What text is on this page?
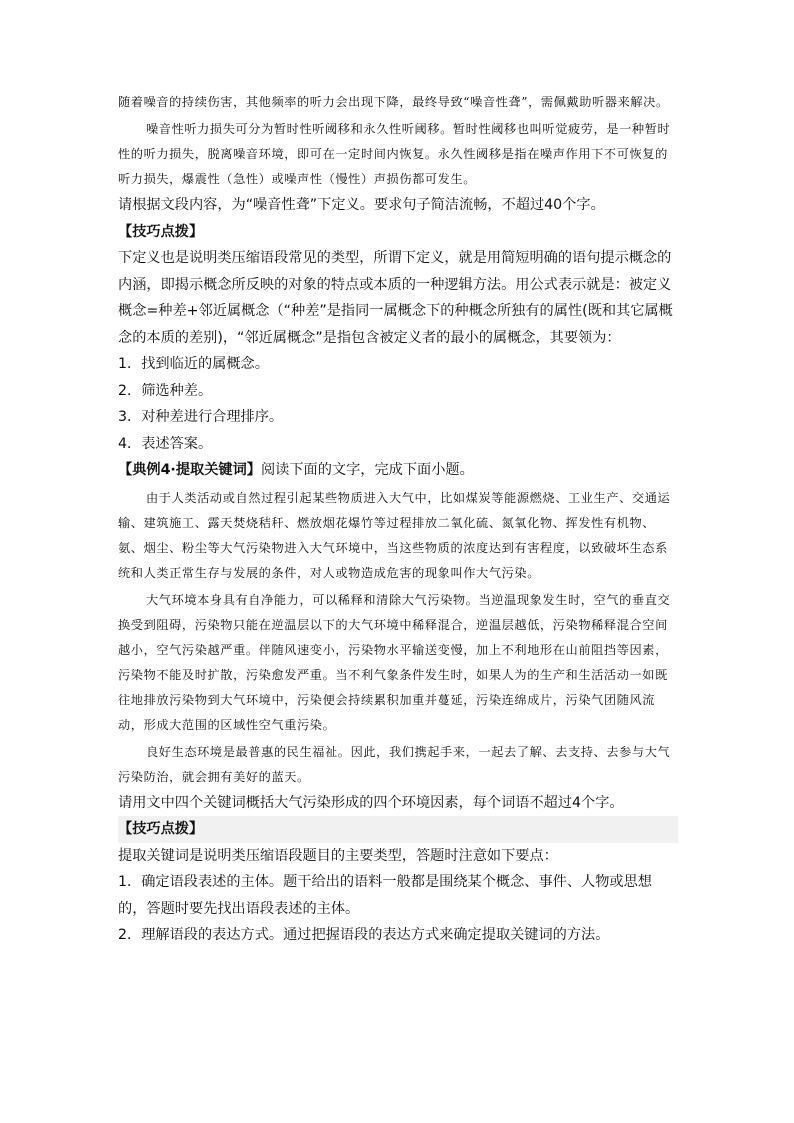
随着噪音的持续伤害，其他频率的听力会出现下降，最终导致“噪音性聋”，需佩戴助听器来解决。

噪音性听力损失可分为暂时性听阈移和永久性听阈移。暂时性阈移也叫听觉疲劳，是一种暂时性的听力损失，脱离噪音环境，即可在一定时间内恢复。永久性阈移是指在噪声作用下不可恢复的听力损失，爆震性（急性）或噪声性（慢性）声损伤都可发生。

请根据文段内容，为“噪音性聋”下定义。要求句子简洁流畅，不超过40个字。

【技巧点拨】

下定义也是说明类压缩语段常见的类型，所谓下定义，就是用简短明确的语句提示概念的内涵，即揭示概念所反映的对象的特点或本质的一种逻辑方法。用公式表示就是：被定义概念=种差+邻近属概念（“种差”是指同一属概念下的种概念所独有的属性(既和其它属概念的本质的差别)，“邻近属概念”是指包含被定义者的最小的属概念，其要领为：

1．找到临近的属概念。

2．筛选种差。

3．对种差进行合理排序。

4．表述答案。

【典例4·提取关键词】阅读下面的文字，完成下面小题。

由于人类活动或自然过程引起某些物质进入大气中，比如煤炭等能源燃烧、工业生产、交通运输、建筑施工、露天焚烧秸秆、燃放烟花爆竹等过程排放二氧化硫、氮氧化物、挥发性有机物、氨、烟尘、粉尘等大气污染物进入大气环境中，当这些物质的浓度达到有害程度，以致破坏生态系统和人类正常生存与发展的条件，对人或物造成危害的现象叫作大气污染。

大气环境本身具有自净能力，可以稀释和清除大气污染物。当逆温现象发生时，空气的垂直交换受到阻碍，污染物只能在逆温层以下的大气环境中稀释混合，逆温层越低，污染物稀释混合空间越小，空气污染越严重。伴随风速变小，污染物水平输送变慢，加上不利地形在山前阻挡等因素，污染物不能及时扩散，污染愈发严重。当不利气象条件发生时，如果人为的生产和生活活动一如既往地排放污染物到大气环境中，污染便会持续累积加重并蔓延，污染连绵成片，污染气团随风流动，形成大范围的区域性空气重污染。

良好生态环境是最普惠的民生福祉。因此，我们携起手来，一起去了解、去支持、去参与大气污染防治，就会拥有美好的蓝天。

请用文中四个关键词概括大气污染形成的四个环境因素，每个词语不超过4个字。

【技巧点拨】

提取关键词是说明类压缩语段题目的主要类型，答题时注意如下要点：

1．确定语段表述的主体。题干给出的语料一般都是围绕某个概念、事件、人物或思想的，答题时要先找出语段表述的主体。

2．理解语段的表达方式。通过把握语段的表达方式来确定提取关键词的方法。
